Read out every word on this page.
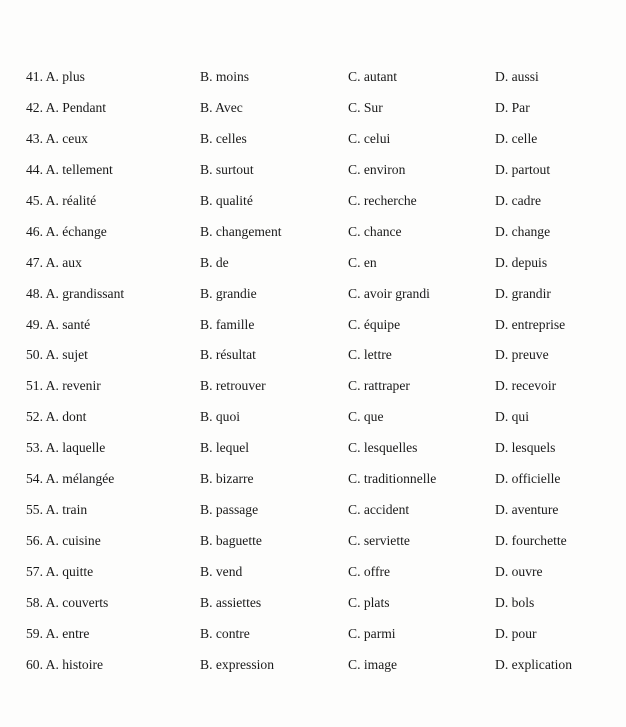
41. A. plus	B. moins	C. autant	D. aussi
42. A. Pendant	B. Avec	C. Sur	D. Par
43. A. ceux	B. celles	C. celui	D. celle
44. A. tellement	B. surtout	C. environ	D. partout
45. A. réalité	B. qualité	C. recherche	D. cadre
46. A. échange	B. changement	C. chance	D. change
47. A. aux	B. de	C. en	D. depuis
48. A. grandissant	B. grandie	C. avoir grandi	D. grandir
49. A. santé	B. famille	C. équipe	D. entreprise
50. A. sujet	B. résultat	C. lettre	D. preuve
51. A. revenir	B. retrouver	C. rattraper	D. recevoir
52. A. dont	B. quoi	C. que	D. qui
53. A. laquelle	B. lequel	C. lesquelles	D. lesquels
54. A. mélangée	B. bizarre	C. traditionnelle	D. officielle
55. A. train	B. passage	C. accident	D. aventure
56. A. cuisine	B. baguette	C. serviette	D. fourchette
57. A. quitte	B. vend	C. offre	D. ouvre
58. A. couverts	B. assiettes	C. plats	D. bols
59. A. entre	B. contre	C. parmi	D. pour
60. A. histoire	B. expression	C. image	D. explication
